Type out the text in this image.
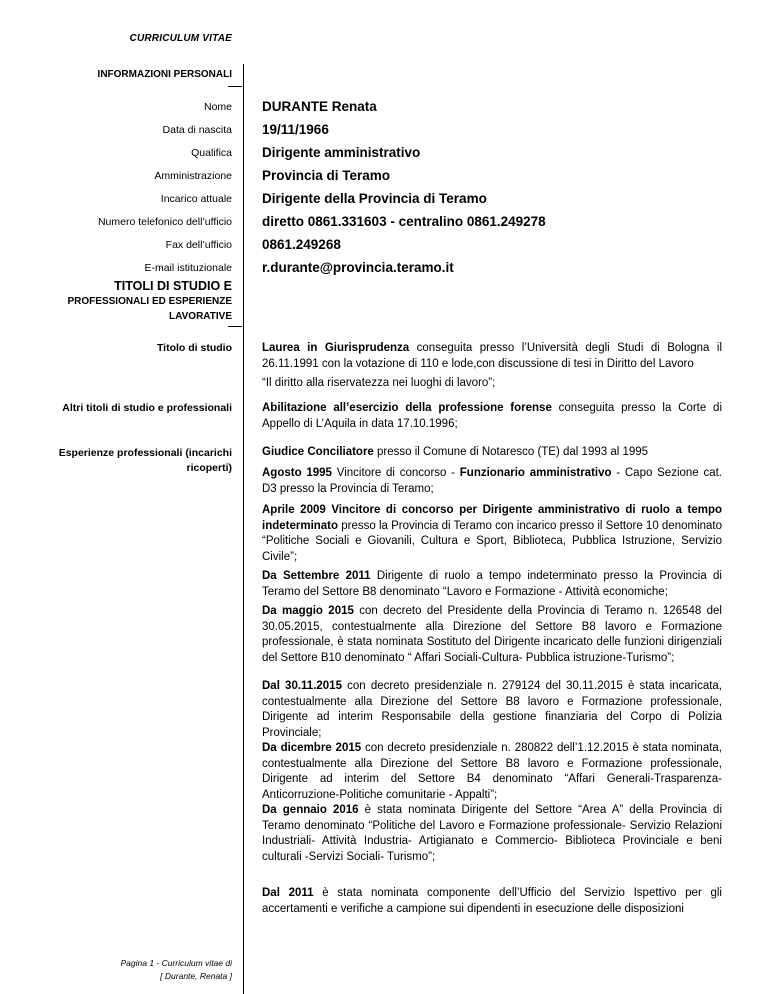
CURRICULUM VITAE
INFORMAZIONI PERSONALI
Nome DURANTE Renata
Data di nascita 19/11/1966
Qualifica Dirigente amministrativo
Amministrazione Provincia di Teramo
Incarico attuale Dirigente della Provincia di Teramo
Numero telefonico dell’ufficio diretto 0861.331603 - centralino 0861.249278
Fax dell’ufficio 0861.249268
E-mail istituzionale r.durante@provincia.teramo.it
TITOLI DI STUDIO E
PROFESSIONALI ED ESPERIENZE
LAVORATIVE
Titolo di studio	Laurea in Giurisprudenza conseguita presso l’Università degli Studi di Bologna il 26.11.1991 con la votazione di 110 e lode,con discussione di tesi in Diritto del Lavoro
“Il diritto alla riservatezza nei luoghi di lavoro”;
Altri titoli di studio e professionali	Abilitazione all’esercizio della professione forense conseguita presso la Corte di Appello di L’Aquila in data 17.10.1996;
Esperienze professionali (incarichi
ricoperti)
Giudice Conciliatore presso il Comune di Notaresco (TE) dal 1993 al 1995
Agosto 1995 Vincitore di concorso - Funzionario amministrativo - Capo Sezione cat. D3 presso la Provincia di Teramo;
Aprile 2009 Vincitore di concorso per Dirigente amministrativo di ruolo a tempo indeterminato presso la Provincia di Teramo con incarico presso il Settore 10 denominato “Politiche Sociali e Giovanili, Cultura e Sport, Biblioteca, Pubblica Istruzione, Servizio Civile”;
Da Settembre 2011 Dirigente di ruolo a tempo indeterminato presso la Provincia di Teramo del Settore B8 denominato “Lavoro e Formazione - Attività economiche;
Da maggio 2015 con decreto del Presidente della Provincia di Teramo n. 126548 del 30.05.2015, contestualmente alla Direzione del Settore B8 lavoro e Formazione professionale, è stata nominata Sostituto del Dirigente incaricato delle funzioni dirigenziali del Settore B10 denominato “ Affari Sociali-Cultura- Pubblica istruzione-Turismo”;
Dal 30.11.2015 con decreto presidenziale n. 279124 del 30.11.2015 è stata incaricata, contestualmente alla Direzione del Settore B8 lavoro e Formazione professionale, Dirigente ad interim Responsabile della gestione finanziaria del Corpo di Polizia Provinciale;
Da dicembre 2015 con decreto presidenziale n. 280822 dell’1.12.2015 è stata nominata, contestualmente alla Direzione del Settore B8 lavoro e Formazione professionale, Dirigente ad interim del Settore B4 denominato “Affari Generali-Trasparenza- Anticorruzione-Politiche comunitarie - Appalti”;
Da gennaio 2016 è stata nominata Dirigente del Settore “Area A” della Provincia di Teramo denominato “Politiche del Lavoro e Formazione professionale- Servizio Relazioni Industriali- Attività Industria- Artigianato e Commercio- Biblioteca Provinciale e beni culturali -Servizi Sociali- Turismo”;
Dal 2011 è stata nominata componente dell’Ufficio del Servizio Ispettivo per gli accertamenti e verifiche a campione sui dipendenti in esecuzione delle disposizioni
Pagina 1 - Curriculum vitae di
[ Durante, Renata ]
